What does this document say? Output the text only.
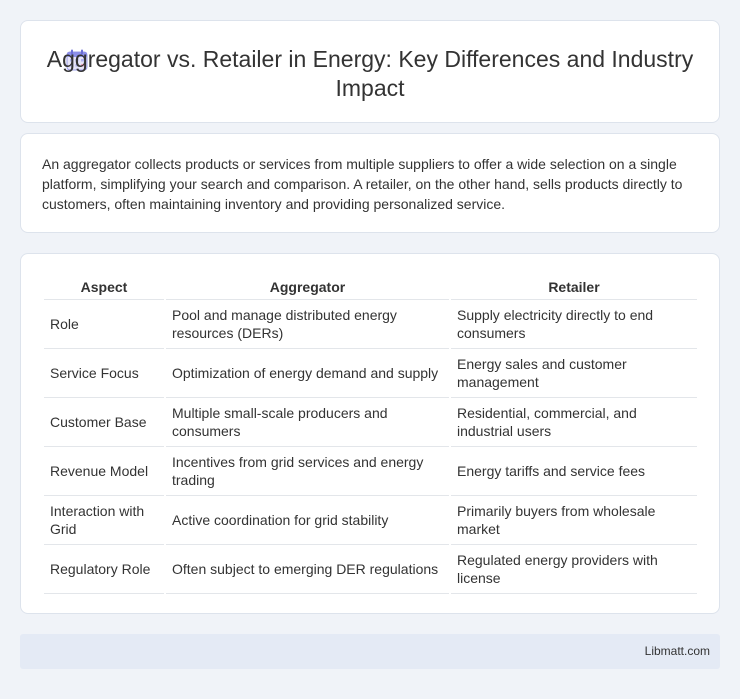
Aggregator vs. Retailer in Energy: Key Differences and Industry Impact

An aggregator collects products or services from multiple suppliers to offer a wide selection on a single platform, simplifying your search and comparison. A retailer, on the other hand, sells products directly to customers, often maintaining inventory and providing personalized service.

Aspect	Aggregator	Retailer
Role	Pool and manage distributed energy resources (DERs)	Supply electricity directly to end consumers
Service Focus	Optimization of energy demand and supply	Energy sales and customer management
Customer Base	Multiple small-scale producers and consumers	Residential, commercial, and industrial users
Revenue Model	Incentives from grid services and energy trading	Energy tariffs and service fees
Interaction with Grid	Active coordination for grid stability	Primarily buyers from wholesale market
Regulatory Role	Often subject to emerging DER regulations	Regulated energy providers with license
Libmatt.com
